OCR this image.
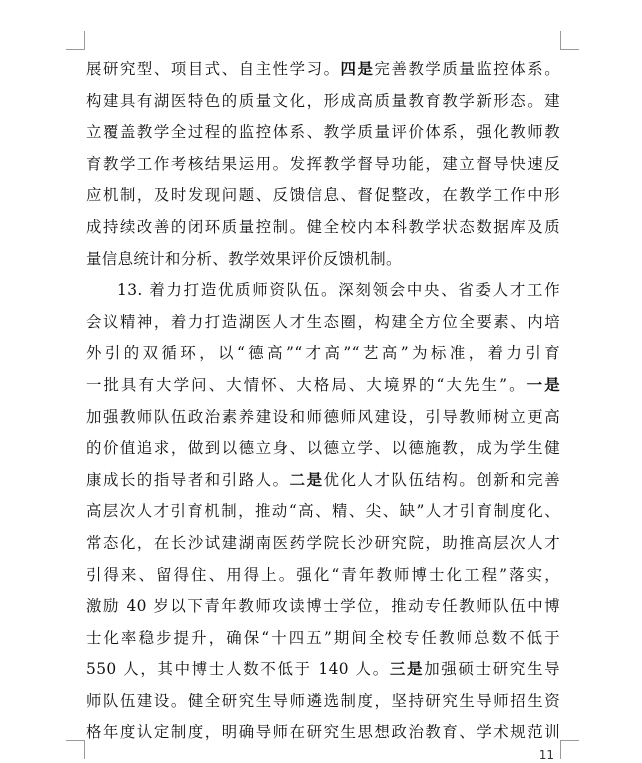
展研究型、项目式、自主性学习。四是完善教学质量监控体系。
构建具有湖医特色的质量文化，形成高质量教育教学新形态。建
立覆盖教学全过程的监控体系、教学质量评价体系，强化教师教
育教学工作考核结果运用。发挥教学督导功能，建立督导快速反
应机制，及时发现问题、反馈信息、督促整改，在教学工作中形
成持续改善的闭环质量控制。健全校内本科教学状态数据库及质
量信息统计和分析、教学效果评价反馈机制。
13. 着力打造优质师资队伍。深刻领会中央、省委人才工作
会议精神，着力打造湖医人才生态圈，构建全方位全要素、内培
外引的双循环，以“德高”“才高”“艺高”为标准，着力引育
一批具有大学问、大情怀、大格局、大境界的“大先生”。一是
加强教师队伍政治素养建设和师德师风建设，引导教师树立更高
的价值追求，做到以德立身、以德立学、以德施教，成为学生健
康成长的指导者和引路人。二是优化人才队伍结构。创新和完善
高层次人才引育机制，推动“高、精、尖、缺”人才引育制度化、
常态化，在长沙试建湖南医药学院长沙研究院，助推高层次人才
引得来、留得住、用得上。强化“青年教师博士化工程”落实，
激励 40 岁以下青年教师攻读博士学位，推动专任教师队伍中博
士化率稳步提升，确保“十四五”期间全校专任教师总数不低于
550 人，其中博士人数不低于 140 人。三是加强硕士研究生导
师队伍建设。健全研究生导师遴选制度，坚持研究生导师招生资
格年度认定制度，明确导师在研究生思想政治教育、学术规范训
11
